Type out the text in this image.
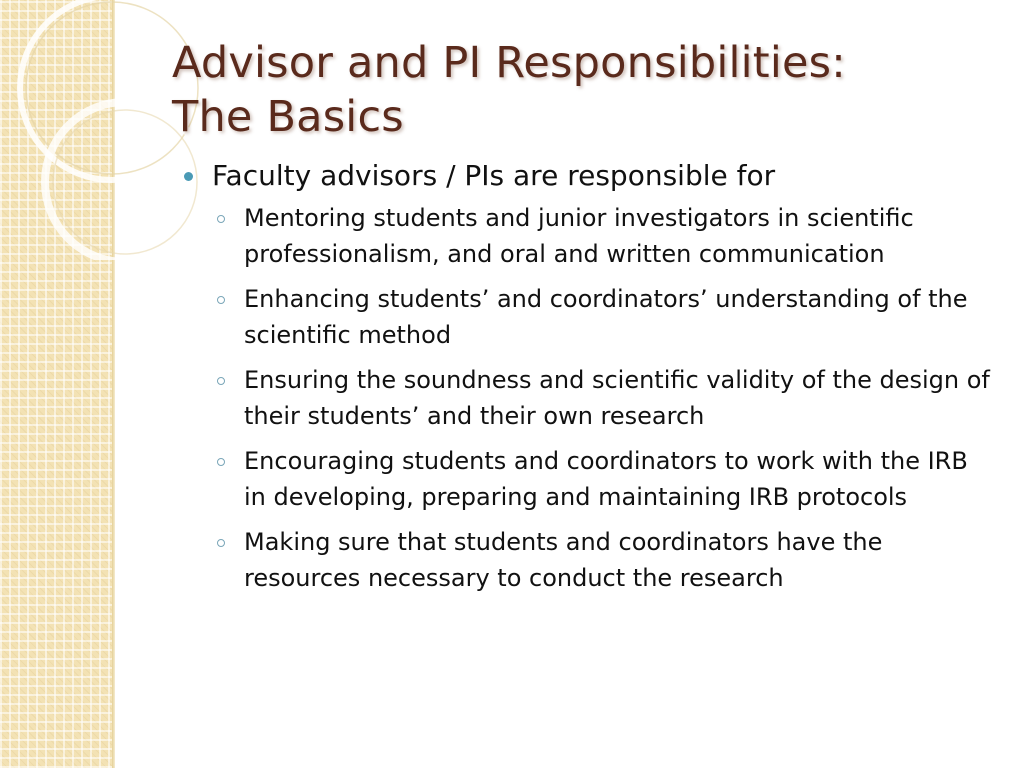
Advisor and PI Responsibilities:
The Basics
Faculty advisors / PIs are responsible for
Mentoring students and junior investigators in scientific professionalism, and oral and written communication
Enhancing students’ and coordinators’ understanding of the scientific method
Ensuring the soundness and scientific validity of the design of their students’ and their own research
Encouraging students and coordinators to work with the IRB in developing, preparing and maintaining IRB protocols
Making sure that students and coordinators have the resources necessary to conduct the research
